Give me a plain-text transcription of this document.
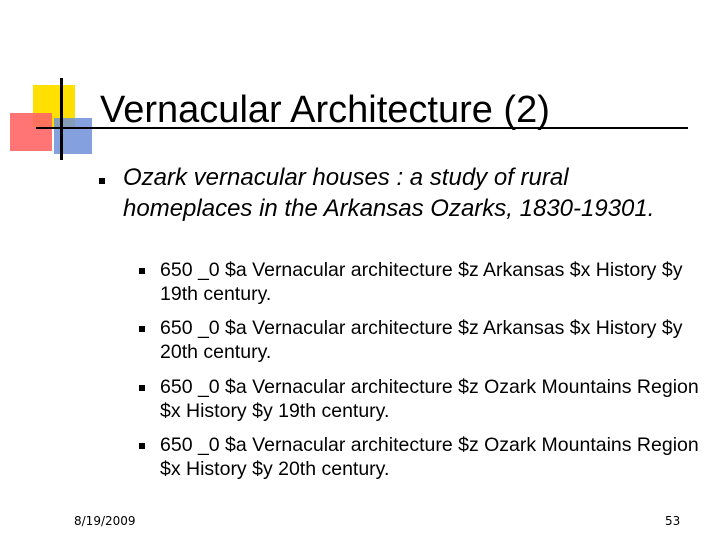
Vernacular Architecture (2)
Ozark vernacular houses : a study of rural homeplaces in the Arkansas Ozarks, 1830-19301.
650 _0 $a Vernacular architecture $z Arkansas $x History $y 19th century.
650 _0 $a Vernacular architecture $z Arkansas $x History $y 20th century.
650 _0 $a Vernacular architecture $z Ozark Mountains Region $x History $y 19th century.
650 _0 $a Vernacular architecture $z Ozark Mountains Region $x History $y 20th century.
8/19/2009	53
